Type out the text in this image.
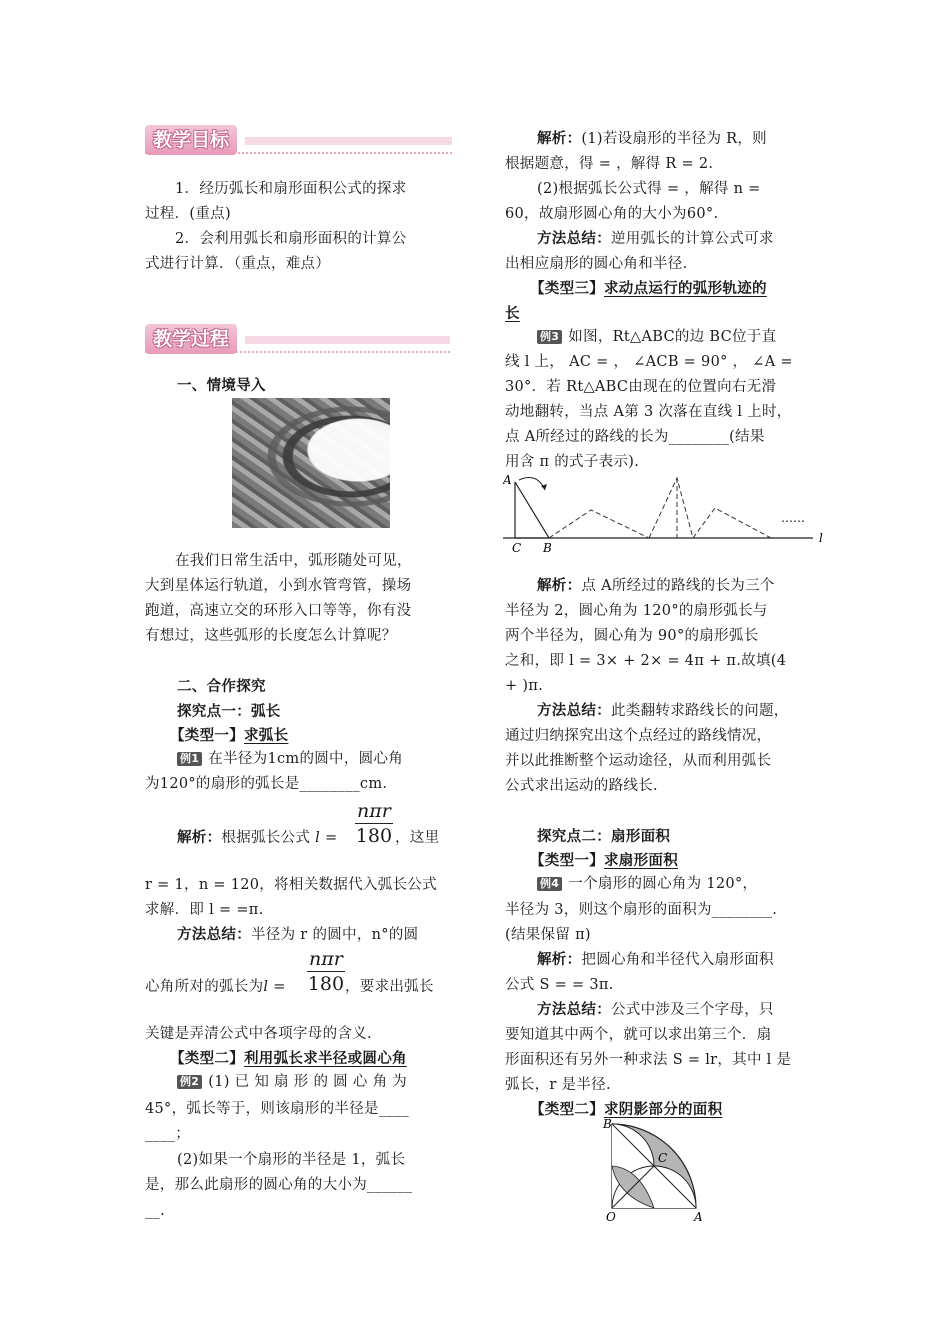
教学目标
1．经历弧长和扇形面积公式的探求
过程．(重点)
2．会利用弧长和扇形面积的计算公
式进行计算．（重点，难点）
教学过程
一、情境导入
在我们日常生活中，弧形随处可见，
大到星体运行轨道，小到水管弯管，操场
跑道，高速立交的环形入口等等，你有没
有想过，这些弧形的长度怎么计算呢？
二、合作探究
探究点一：弧长
【类型一】求弧长
例1 在半径为1cm的圆中，圆心角
为120°的扇形的弧长是________cm.
nπr
180
解析：根据弧长公式 l =	，这里
r = 1，n = 120，将相关数据代入弧长公式
求解．即 l = =π.
方法总结：半径为 r 的圆中，n°的圆
nπr
180
心角所对的弧长为l =	，要求出弧长
关键是弄清公式中各项字母的含义.
【类型二】利用弧长求半径或圆心角
例2 (1) 已 知 扇 形 的 圆 心 角 为
45°，弧长等于，则该扇形的半径是____
____；
(2)如果一个扇形的半径是 1，弧长
是，那么此扇形的圆心角的大小为______
__.
解析：(1)若设扇形的半径为 R，则
根据题意，得 = ，解得 R = 2.
(2)根据弧长公式得 = ，解得 n =
60，故扇形圆心角的大小为60°.
方法总结：逆用弧长的计算公式可求
出相应扇形的圆心角和半径.
【类型三】求动点运行的弧形轨迹的
长
例3 如图，Rt△ABC的边 BC位于直
线 l 上， AC = ， ∠ACB = 90° ， ∠A =
30°．若 Rt△ABC由现在的位置向右无滑
动地翻转，当点 A第 3 次落在直线 l 上时，
点 A所经过的路线的长为________(结果
用含 π 的式子表示).
A
C B
l
……
解析：点 A所经过的路线的长为三个
半径为 2，圆心角为 120°的扇形弧长与
两个半径为，圆心角为 90°的扇形弧长
之和，即 l = 3× + 2× = 4π + π.故填(4
+ )π.
方法总结：此类翻转求路线长的问题，
通过归纳探究出这个点经过的路线情况，
并以此推断整个运动途径，从而利用弧长
公式求出运动的路线长.
探究点二：扇形面积
【类型一】求扇形面积
例4 一个扇形的圆心角为 120°，
半径为 3，则这个扇形的面积为________.
(结果保留 π)
解析：把圆心角和半径代入扇形面积
公式 S = = 3π.
方法总结：公式中涉及三个字母，只
要知道其中两个，就可以求出第三个．扇
形面积还有另外一种求法 S = lr，其中 l 是
弧长，r 是半径.
【类型二】求阴影部分的面积
B
C
O	A
